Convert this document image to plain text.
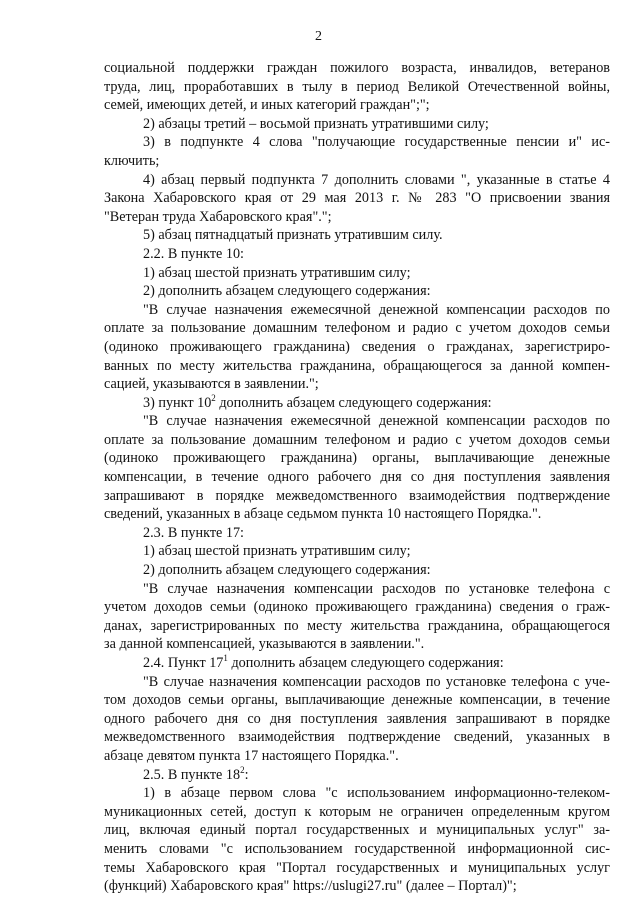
2
социальной поддержки граждан пожилого возраста, инвалидов, ветеранов
труда, лиц, проработавших в тылу в период Великой Отечественной войны,
семей, имеющих детей, и иных категорий граждан";";
2) абзацы третий – восьмой признать утратившими силу;
3) в подпункте 4 слова "получающие государственные пенсии и" ис-
ключить;
4) абзац первый подпункта 7 дополнить словами ", указанные в статье 4
Закона Хабаровского края от 29 мая 2013 г. № 283 "О присвоении звания
"Ветеран труда Хабаровского края".";
5) абзац пятнадцатый признать утратившим силу.
2.2. В пункте 10:
1) абзац шестой признать утратившим силу;
2) дополнить абзацем следующего содержания:
"В случае назначения ежемесячной денежной компенсации расходов по
оплате за пользование домашним телефоном и радио с учетом доходов семьи
(одиноко проживающего гражданина) сведения о гражданах, зарегистриро-
ванных по месту жительства гражданина, обращающегося за данной компен-
сацией, указываются в заявлении.";
3) пункт $10^2$ дополнить абзацем следующего содержания:
"В случае назначения ежемесячной денежной компенсации расходов по
оплате за пользование домашним телефоном и радио с учетом доходов семьи
(одиноко проживающего гражданина) органы, выплачивающие денежные
компенсации, в течение одного рабочего дня со дня поступления заявления
запрашивают в порядке межведомственного взаимодействия подтверждение
сведений, указанных в абзаце седьмом пункта 10 настоящего Порядка.".
2.3. В пункте 17:
1) абзац шестой признать утратившим силу;
2) дополнить абзацем следующего содержания:
"В случае назначения компенсации расходов по установке телефона с
учетом доходов семьи (одиноко проживающего гражданина) сведения о граж-
данах, зарегистрированных по месту жительства гражданина, обращающегося
за данной компенсацией, указываются в заявлении.".
2.4. Пункт $17^1$ дополнить абзацем следующего содержания:
"В случае назначения компенсации расходов по установке телефона с уче-
том доходов семьи органы, выплачивающие денежные компенсации, в течение
одного рабочего дня со дня поступления заявления запрашивают в порядке
межведомственного взаимодействия подтверждение сведений, указанных в
абзаце девятом пункта 17 настоящего Порядка.".
2.5. В пункте $18^2$:
1) в абзаце первом слова "с использованием информационно-телеком-
муникационных сетей, доступ к которым не ограничен определенным кругом
лиц, включая единый портал государственных и муниципальных услуг" за-
менить словами "с использованием государственной информационной сис-
темы Хабаровского края "Портал государственных и муниципальных услуг
(функций) Хабаровского края" https://uslugi27.ru" (далее – Портал)";
